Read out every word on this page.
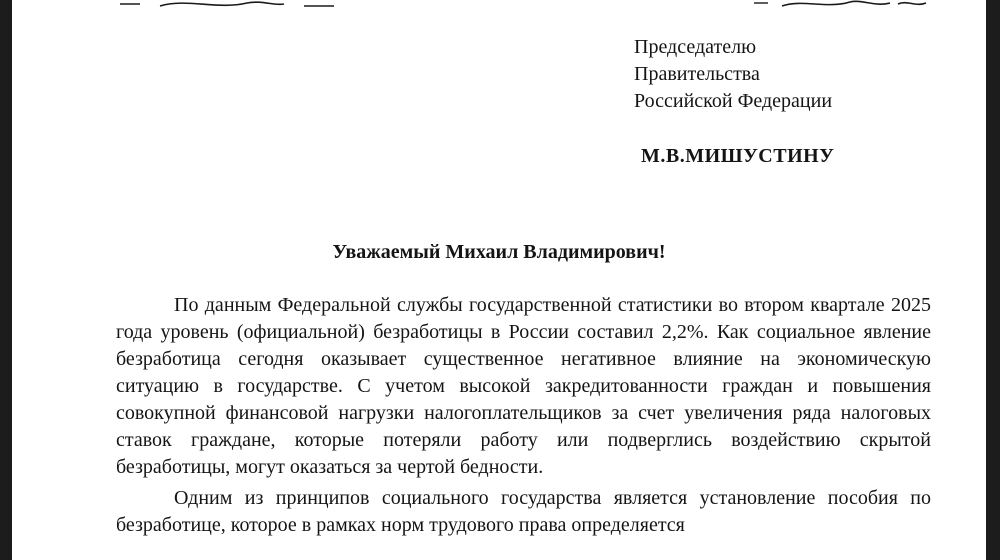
Председателю
Правительства
Российской Федерации
М.В.МИШУСТИНУ
Уважаемый Михаил Владимирович!

По данным Федеральной службы государственной статистики во втором квартале 2025 года уровень (официальной) безработицы в России составил 2,2%. Как социальное явление безработица сегодня оказывает существенное негативное влияние на экономическую ситуацию в государстве. С учетом высокой закредитованности граждан и повышения совокупной финансовой нагрузки налогоплательщиков за счет увеличения ряда налоговых ставок граждане, которые потеряли работу или подверглись воздействию скрытой безработицы, могут оказаться за чертой бедности.

Одним из принципов социального государства является установление пособия по безработице, которое в рамках норм трудового права определяется
